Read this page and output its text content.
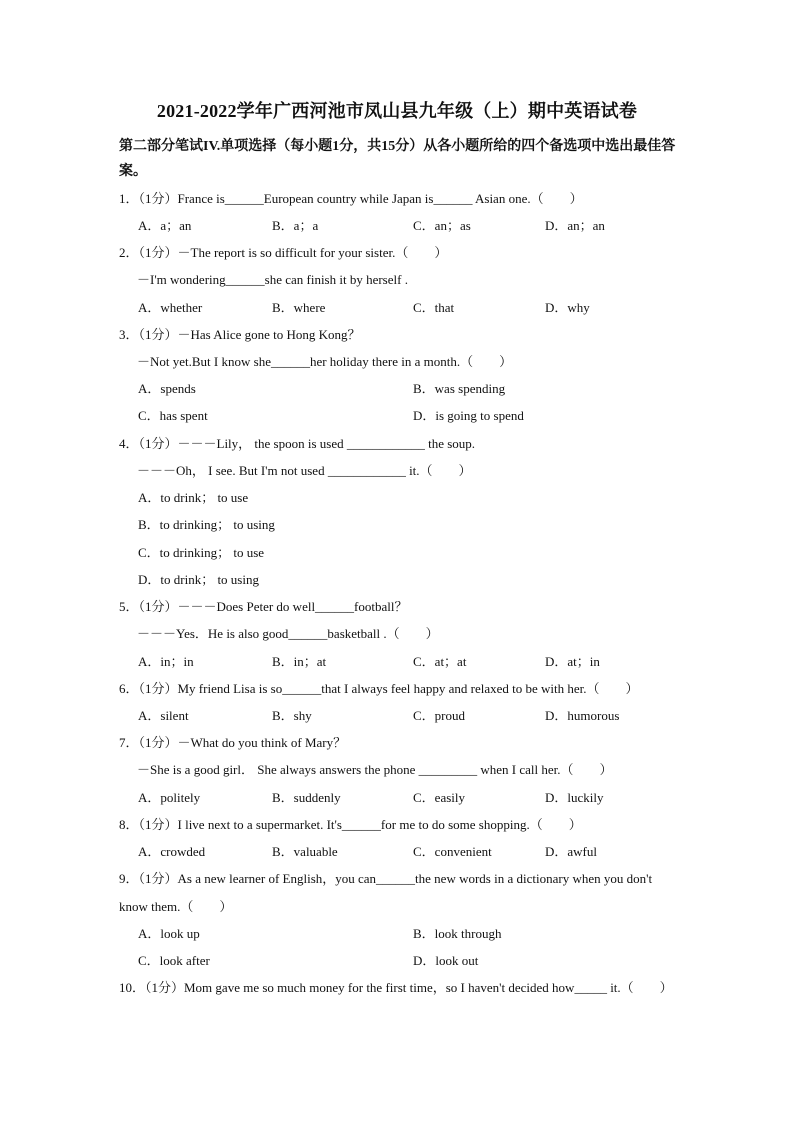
2021-2022学年广西河池市凤山县九年级（上）期中英语试卷
第二部分笔试IV.单项选择（每小题1分，共15分）从各小题所给的四个备选项中选出最佳答案。
1．（1分）France is______European country while Japan is______ Asian one.（　　）
A．a；an	B．a；a	C．an；as	D．an；an
2．（1分）－The report is so difficult for your sister.（　　）
－I'm wondering______she can finish it by herself .
A．whether	B．where	C．that	D．why
3．（1分）－Has Alice gone to Hong Kong？
－Not yet.But I know she______her holiday there in a month.（　　）
A．spends	B．was spending
C．has spent	D．is going to spend
4．（1分）－－－Lily， the spoon is used ____________ the soup.
－－－Oh， I see. But I'm not used ____________ it.（　　）
A．to drink； to use
B．to drinking； to using
C．to drinking； to use
D．to drink； to using
5．（1分）－－－Does Peter do well______football？
－－－Yes．He is also good______basketball .（　　）
A．in；in	B．in；at	C．at；at	D．at；in
6．（1分）My friend Lisa is so______that I always feel happy and relaxed to be with her.（　　）
A．silent	B．shy	C．proud	D．humorous
7．（1分）－What do you think of Mary？
－She is a good girl． She always answers the phone _________ when I call her.（　　）
A．politely	B．suddenly	C．easily	D．luckily
8．（1分）I live next to a supermarket. It's______for me to do some shopping.（　　）
A．crowded	B．valuable	C．convenient	D．awful
9．（1分）As a new learner of English，you can______the new words in a dictionary when you don't know them.（　　）
A．look up	B．look through
C．look after	D．look out
10．（1分）Mom gave me so much money for the first time，so I haven't decided how_____ it.（　　）
